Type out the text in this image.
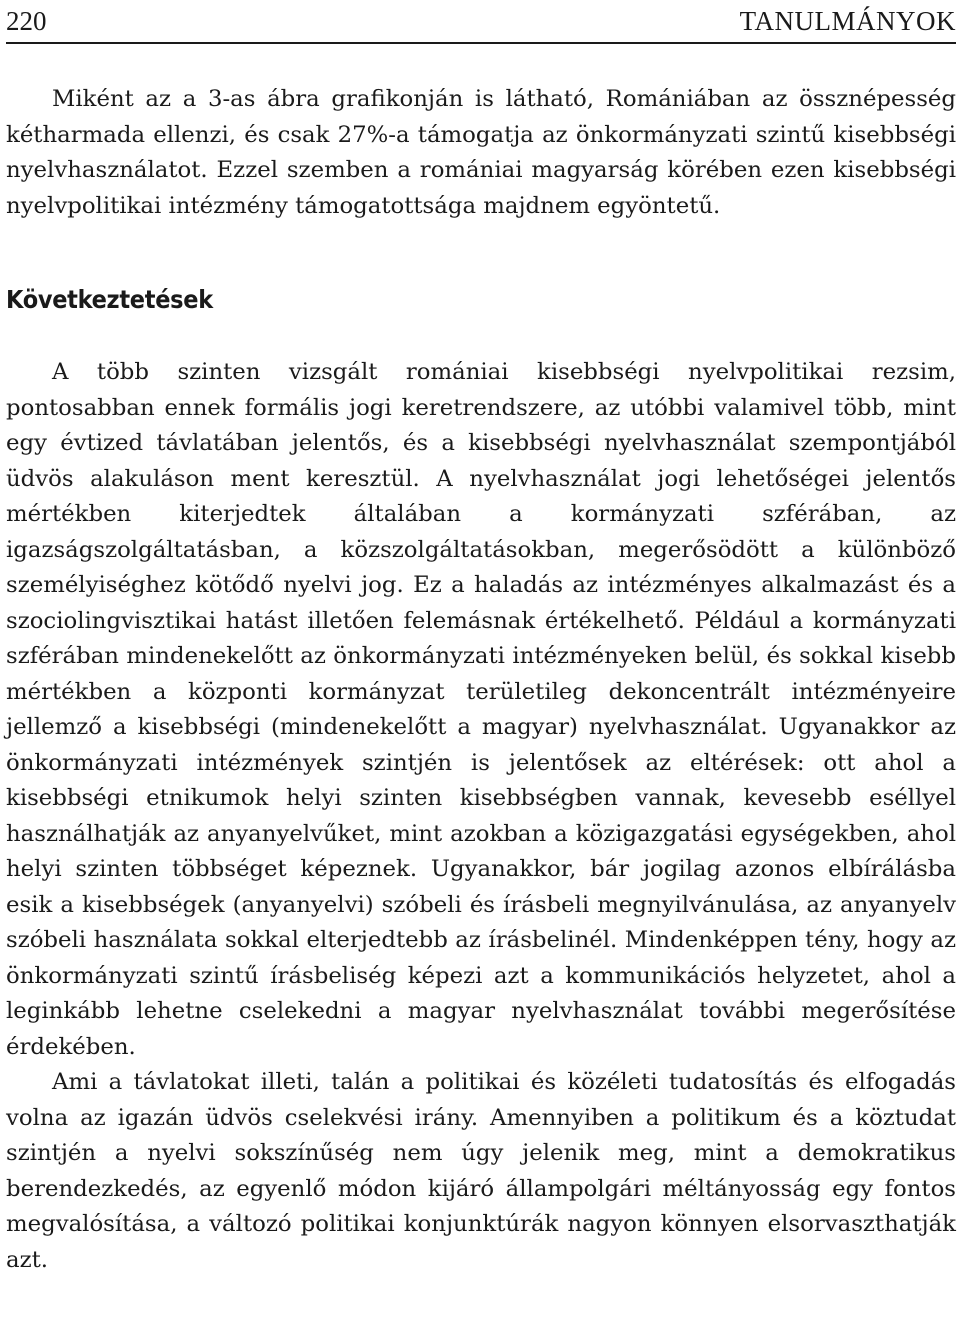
220	TANULMÁNYOK

Miként az a 3-as ábra grafikonján is látható, Romániában az össznépesség kétharmada ellenzi, és csak 27%-a támogatja az önkormányzati szintű kisebbségi nyelvhasználatot. Ezzel szemben a romániai magyarság körében ezen kisebbségi nyelvpolitikai intézmény támogatottsága majdnem egyöntetű.

Következtetések

A több szinten vizsgált romániai kisebbségi nyelvpolitikai rezsim, pontosabban ennek formális jogi keretrendszere, az utóbbi valamivel több, mint egy évtized távlatában jelentős, és a kisebbségi nyelvhasználat szempontjából üdvös alakuláson ment keresztül. A nyelvhasználat jogi lehetőségei jelentős mértékben kiterjedtek általában a kormányzati szférában, az igazságszolgáltatásban, a közszolgáltatásokban, megerősödött a különböző személyiséghez kötődő nyelvi jog. Ez a haladás az intézményes alkalmazást és a szociolingvisztikai hatást illetően felemásnak értékelhető. Például a kormányzati szférában mindenekelőtt az önkormányzati intézményeken belül, és sokkal kisebb mértékben a központi kormányzat területileg dekoncentrált intézményeire jellemző a kisebbségi (mindenekelőtt a magyar) nyelvhasználat. Ugyanakkor az önkormányzati intézmények szintjén is jelentősek az eltérések: ott ahol a kisebbségi etnikumok helyi szinten kisebbségben vannak, kevesebb eséllyel használhatják az anyanyelvűket, mint azokban a közigazgatási egységekben, ahol helyi szinten többséget képeznek. Ugyanakkor, bár jogilag azonos elbírálásba esik a kisebbségek (anyanyelvi) szóbeli és írásbeli megnyilvánulása, az anyanyelv szóbeli használata sokkal elterjedtebb az írásbelinél. Mindenképpen tény, hogy az önkormányzati szintű írásbeliség képezi azt a kommunikációs helyzetet, ahol a leginkább lehetne cselekedni a magyar nyelvhasználat további megerősítése érdekében.

Ami a távlatokat illeti, talán a politikai és közéleti tudatosítás és elfogadás volna az igazán üdvös cselekvési irány. Amennyiben a politikum és a köztudat szintjén a nyelvi sokszínűség nem úgy jelenik meg, mint a demokratikus berendezkedés, az egyenlő módon kijáró állampolgári méltányosság egy fontos megvalósítása, a változó politikai konjunktúrák nagyon könnyen elsorvaszthatják azt.
